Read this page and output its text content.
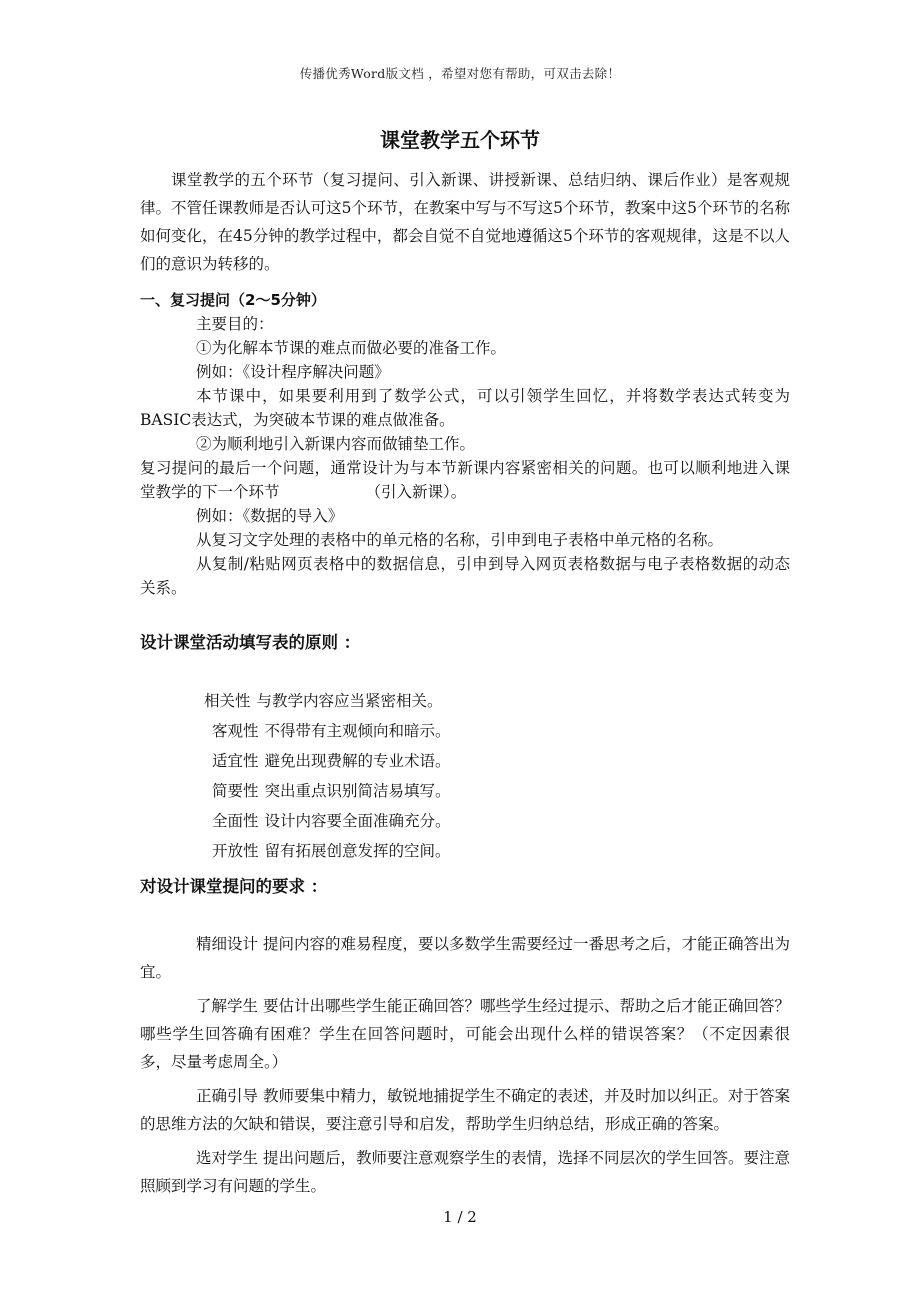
传播优秀Word版文档 ，希望对您有帮助，可双击去除！
课堂教学五个环节

课堂教学的五个环节（复习提问、引入新课、讲授新课、总结归纳、课后作业）是客观规律。不管任课教师是否认可这5个环节，在教案中写与不写这5个环节，教案中这5个环节的名称如何变化，在45分钟的教学过程中，都会自觉不自觉地遵循这5个环节的客观规律，这是不以人们的意识为转移的。

一、复习提问（2～5分钟）

主要目的：

①为化解本节课的难点而做必要的准备工作。

例如：《设计程序解决问题》

本节课中，如果要利用到了数学公式，可以引领学生回忆，并将数学表达式转变为BASIC表达式，为突破本节课的难点做准备。

②为顺利地引入新课内容而做铺垫工作。

复习提问的最后一个问题，通常设计为与本节新课内容紧密相关的问题。也可以顺利地进入课堂教学的下一个环节	（引入新课）。

例如：《数据的导入》

从复习文字处理的表格中的单元格的名称，引申到电子表格中单元格的名称。

从复制/粘贴网页表格中的数据信息，引申到导入网页表格数据与电子表格数据的动态关系。

设计课堂活动填写表的原则 ：

相关性 与教学内容应当紧密相关。

客观性 不得带有主观倾向和暗示。

适宜性 避免出现费解的专业术语。

简要性 突出重点识别简洁易填写。

全面性 设计内容要全面准确充分。

开放性 留有拓展创意发挥的空间。

对设计课堂提问的要求 ：

精细设计 提问内容的难易程度，要以多数学生需要经过一番思考之后，才能正确答出为宜。

了解学生 要估计出哪些学生能正确回答？哪些学生经过提示、帮助之后才能正确回答？哪些学生回答确有困难？学生在回答问题时，可能会出现什么样的错误答案？（不定因素很多，尽量考虑周全。）

正确引导 教师要集中精力，敏锐地捕捉学生不确定的表述，并及时加以纠正。对于答案的思维方法的欠缺和错误，要注意引导和启发，帮助学生归纳总结，形成正确的答案。

选对学生 提出问题后，教师要注意观察学生的表情，选择不同层次的学生回答。要注意照顾到学习有问题的学生。

1 / 2
